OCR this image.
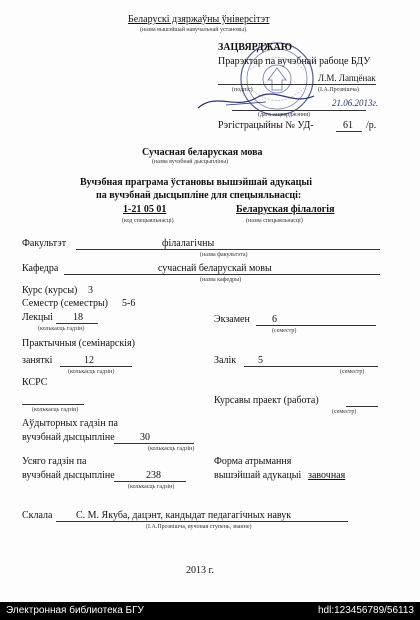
Беларускі дзяржаўны ўніверсітэт
(назва вышэйшай навучальнай установы)
ЗАЦВЯРДЖАЮ
Прарэктар па вучэбнай рабоце БДУ
Л.М. Лапцёнак
(подпіс)	(І.А.Прозвішча)
21.06.2013г.
(дата зацвярджэння)
Рэгістрацыйны № УД-	61 /р.
Сучасная беларуская мова
(назва вучэбнай дысцыпліны)
Вучэбная праграма ўстановы вышэйшай адукацыі
па вучэбнай дысцыпліне для спецыяльнасці:
1-21 05 01	Беларуская філалогія
(код спецыяльнасці)	(назва спецыяльнасці)
Факультэт	філалагічны
(назва факультэта)
Кафедра	сучаснай беларускай мовы
(назва кафедры)
Курс (курсы) 3
Семестр (семестры) 5-6
Лекцыі 18
(колькасць гадзін)
Экзамен 6
(семестр)
Практычныя (семінарскія)
заняткі	12
(колькасць гадзін)
Залік 5
(семестр)
КСРС
(колькасць гадзін)
Курсавы праект (работа)
(семестр)
Аўдыторных гадзін па
вучэбнай дысцыпліне	30
(колькасць гадзін)
Усяго гадзін па
вучэбнай дысцыпліне	238
(колькасць гадзін)
Форма атрымання
вышэйшай адукацыі завочная
Склала С. М. Якуба, дацэнт, кандыдат педагагічных навук
(І.А.Прозвішча, вучоная ступень, званне)
2013 г.
Электронная библиотека БГУ	hdl:123456789/56113
